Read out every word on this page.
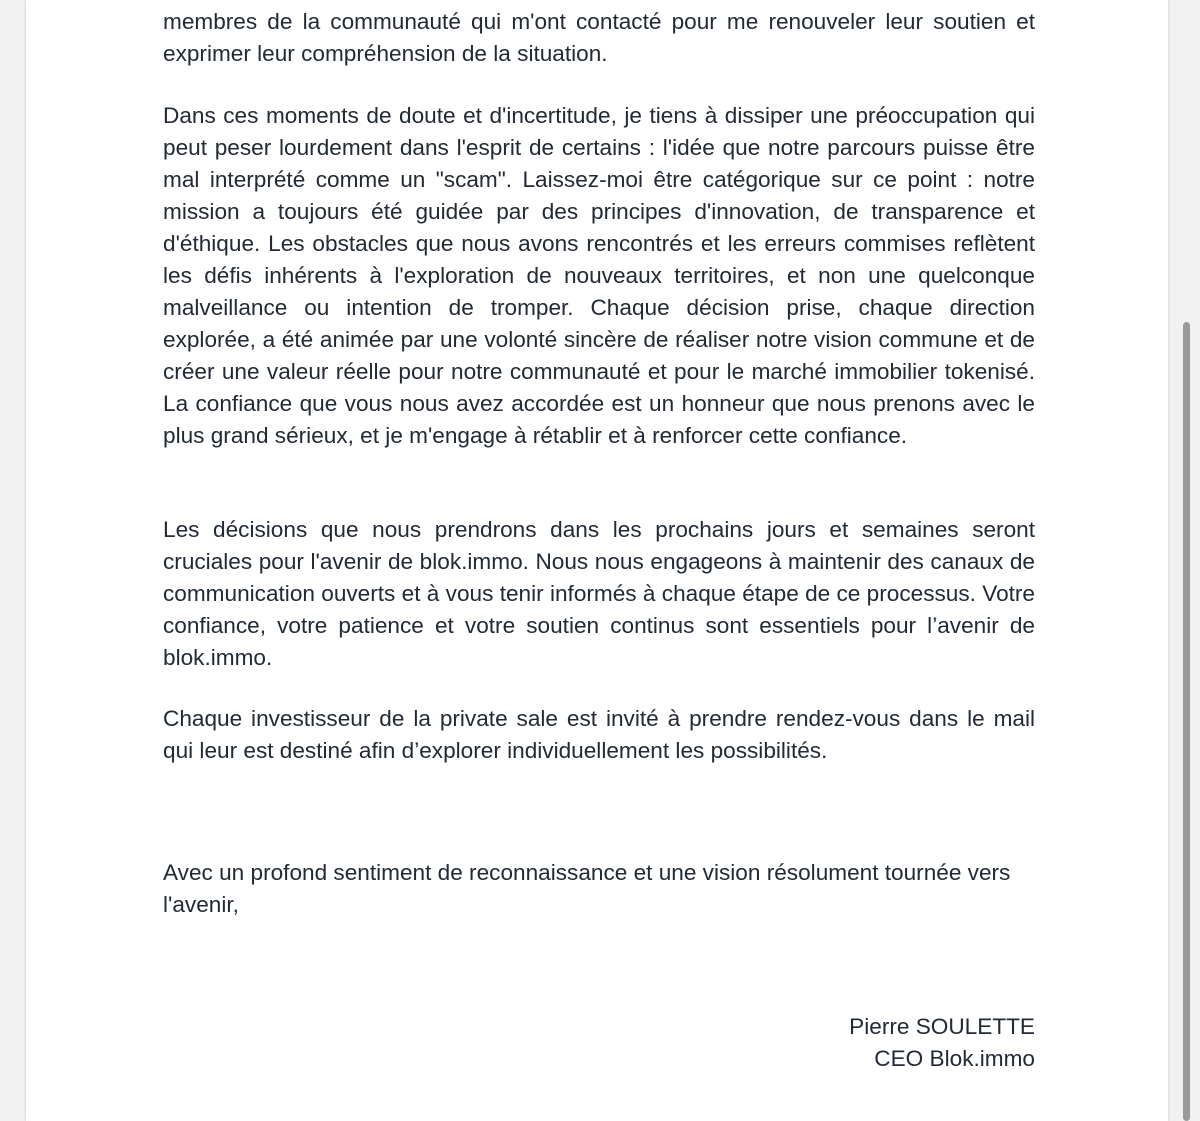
membres de la communauté qui m'ont contacté pour me renouveler leur soutien et exprimer leur compréhension de la situation.

Dans ces moments de doute et d'incertitude, je tiens à dissiper une préoccupation qui peut peser lourdement dans l'esprit de certains : l'idée que notre parcours puisse être mal interprété comme un "scam". Laissez-moi être catégorique sur ce point : notre mission a toujours été guidée par des principes d'innovation, de transparence et d'éthique. Les obstacles que nous avons rencontrés et les erreurs commises reflètent les défis inhérents à l'exploration de nouveaux territoires, et non une quelconque malveillance ou intention de tromper. Chaque décision prise, chaque direction explorée, a été animée par une volonté sincère de réaliser notre vision commune et de créer une valeur réelle pour notre communauté et pour le marché immobilier tokenisé. La confiance que vous nous avez accordée est un honneur que nous prenons avec le plus grand sérieux, et je m'engage à rétablir et à renforcer cette confiance.

Les décisions que nous prendrons dans les prochains jours et semaines seront cruciales pour l'avenir de blok.immo. Nous nous engageons à maintenir des canaux de communication ouverts et à vous tenir informés à chaque étape de ce processus. Votre confiance, votre patience et votre soutien continus sont essentiels pour l’avenir de blok.immo.

Chaque investisseur de la private sale est invité à prendre rendez-vous dans le mail qui leur est destiné afin d’explorer individuellement les possibilités.

Avec un profond sentiment de reconnaissance et une vision résolument tournée vers l'avenir,

Pierre SOULETTE
CEO Blok.immo
